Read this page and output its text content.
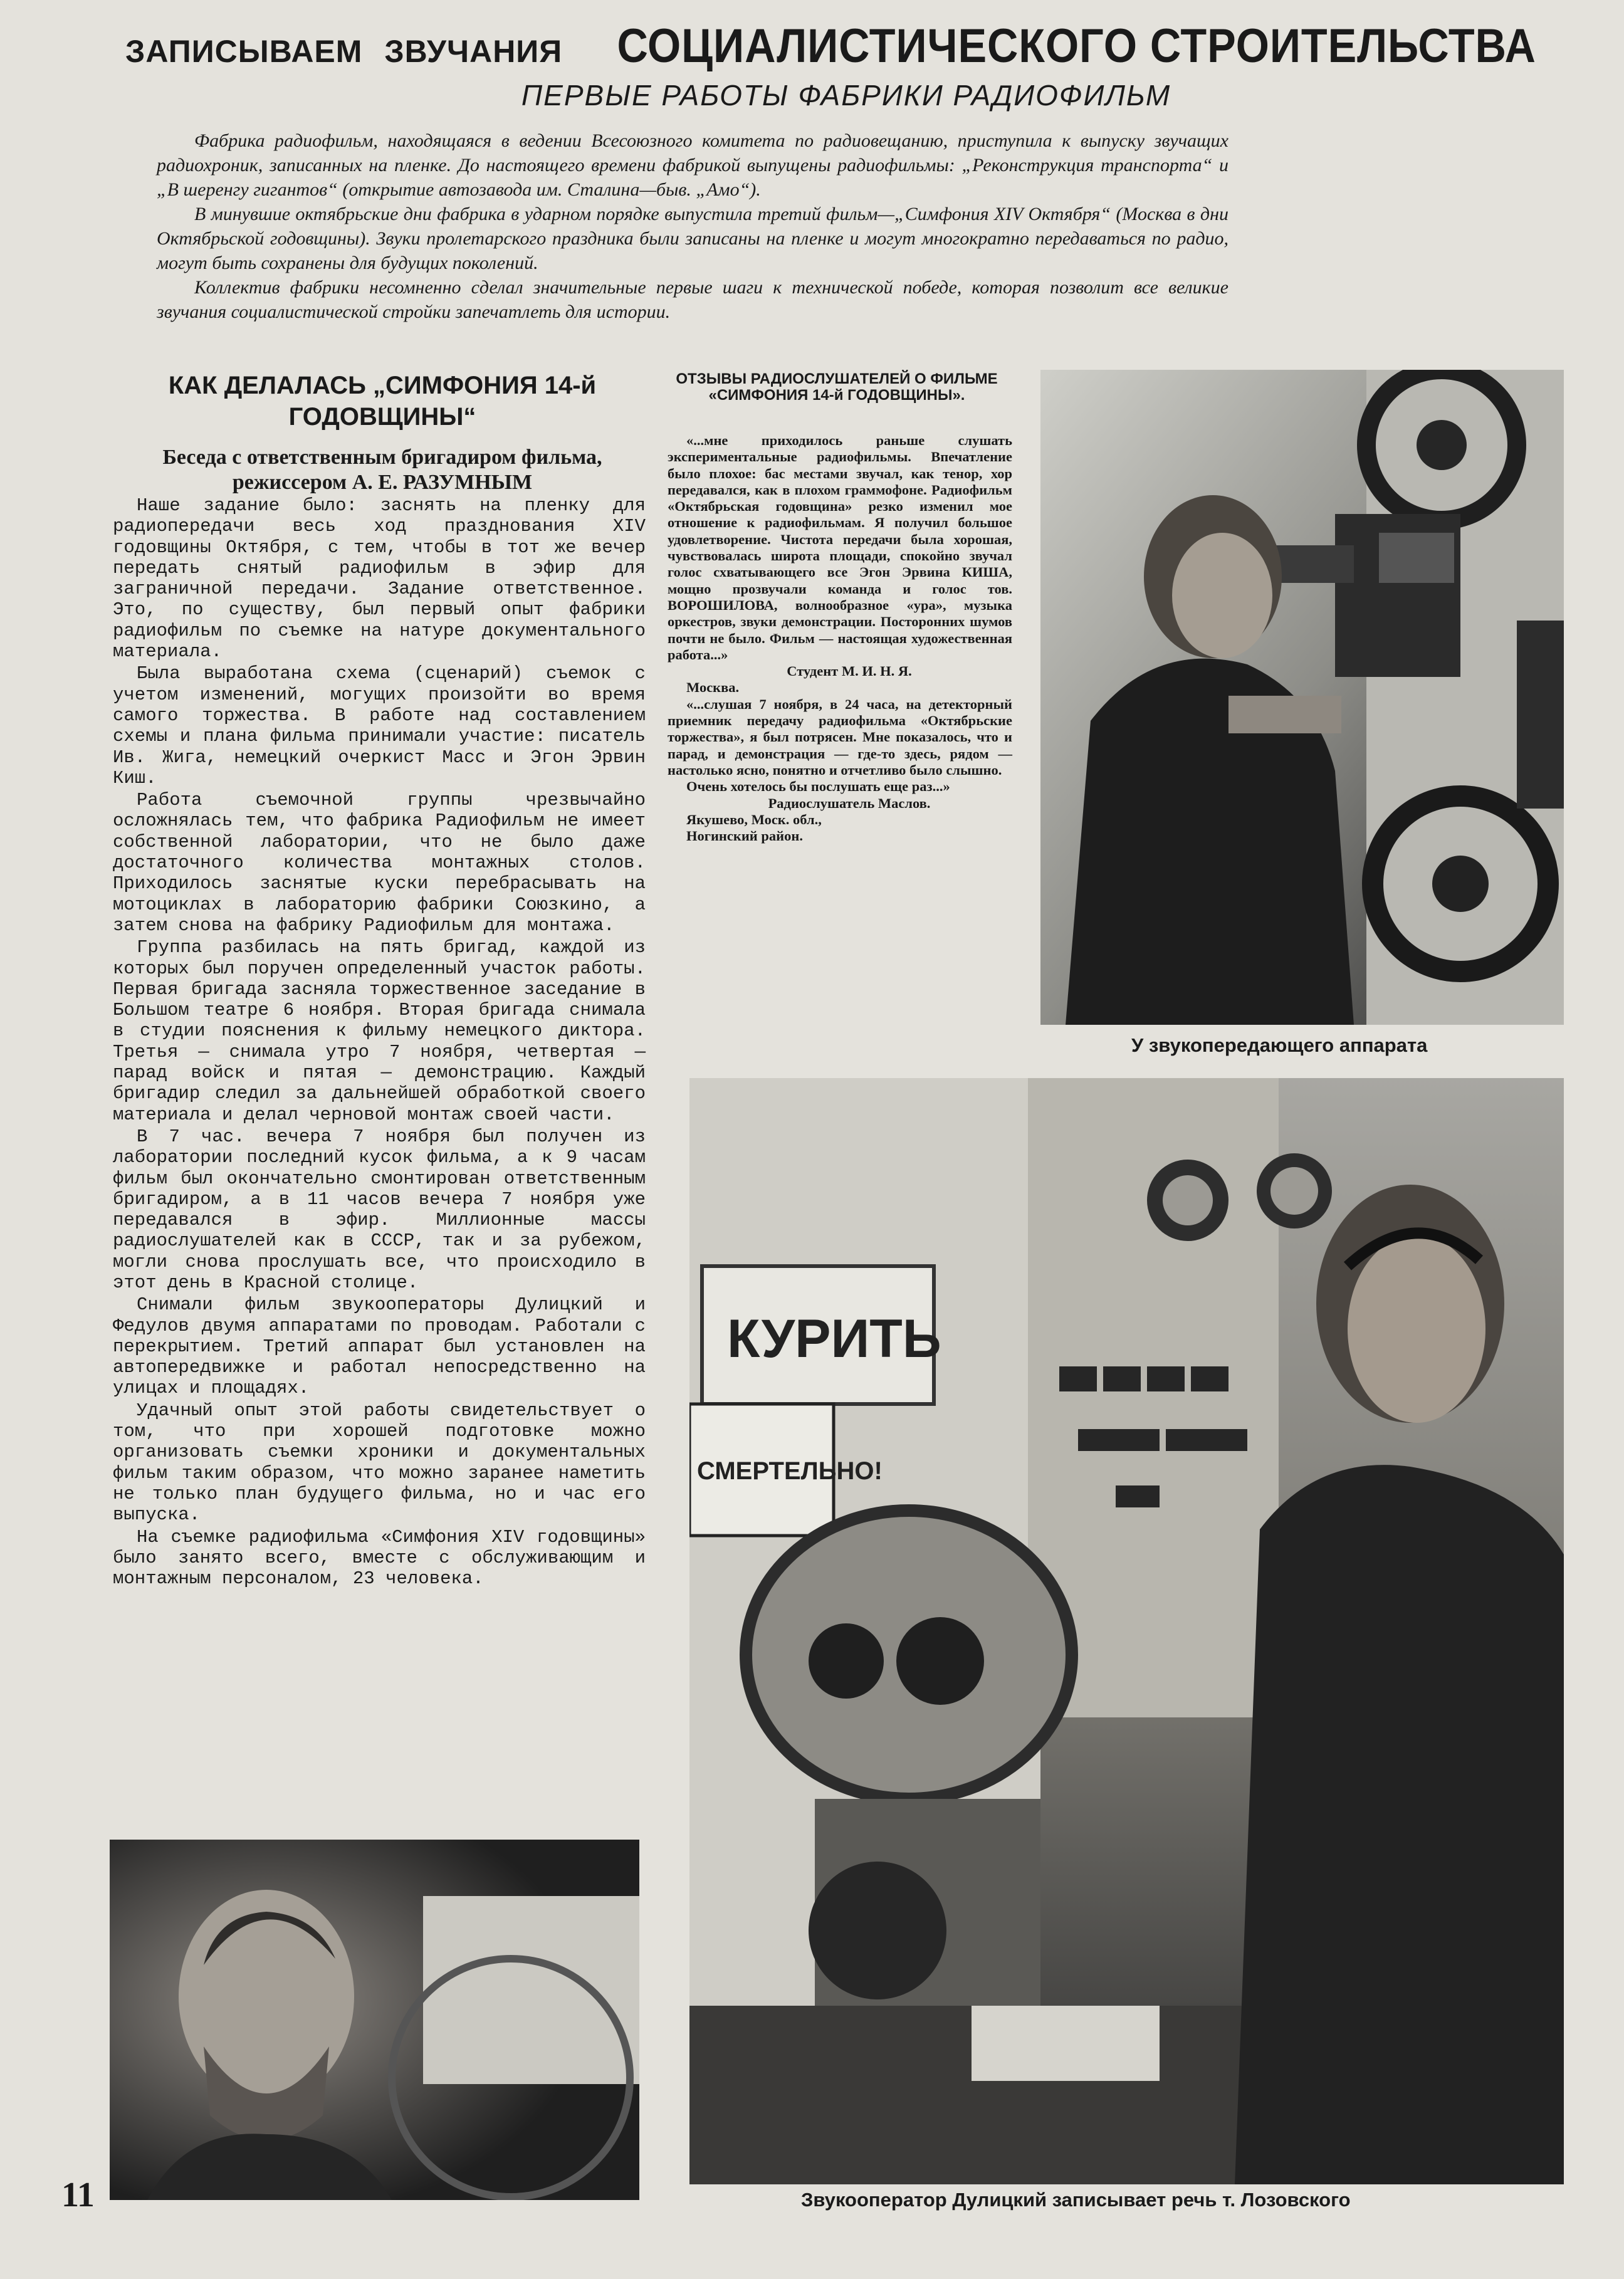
ЗАПИСЫВАЕМ ЗВУЧАНИЯ СОЦИАЛИСТИЧЕСКОГО СТРОИТЕЛЬСТВА
ПЕРВЫЕ РАБОТЫ ФАБРИКИ РАДИОФИЛЬМ

Фабрика радиофильм, находящаяся в ведении Всесоюзного комитета по радиовещанию, приступила к выпуску звучащих радиохроник, записанных на пленке. До настоящего времени фабрикой выпущены радиофильмы: „Реконструкция транспорта“ и „В шеренгу гигантов“ (открытие автозавода им. Сталина—быв. „Амо“).

В минувшие октябрьские дни фабрика в ударном порядке выпустила третий фильм—„Симфония XIV Октября“ (Москва в дни Октябрьской годовщины). Звуки пролетарского праздника были записаны на пленке и могут многократно передаваться по радио, могут быть сохранены для будущих поколений.

Коллектив фабрики несомненно сделал значительные первые шаги к технической победе, которая позволит все великие звучания социалистической стройки запечатлеть для истории.

КАК ДЕЛАЛАСЬ „СИМФОНИЯ 14-й ГОДОВЩИНЫ“
Беседа с ответственным бригадиром фильма, режиссером А. Е. РАЗУМНЫМ

Наше задание было: заснять на пленку для радиопередачи весь ход празднования XIV годовщины Октября, с тем, чтобы в тот же вечер передать снятый радиофильм в эфир для заграничной передачи. Задание ответственное. Это, по существу, был первый опыт фабрики радиофильм по съемке на натуре документального материала.

Была выработана схема (сценарий) съемок с учетом изменений, могущих произойти во время самого торжества. В работе над составлением схемы и плана фильма принимали участие: писатель Ив. Жига, немецкий очеркист Масс и Эгон Эрвин Киш.

Работа съемочной группы чрезвычайно осложнялась тем, что фабрика Радиофильм не имеет собственной лаборатории, что не было даже достаточного количества монтажных столов. Приходилось заснятые куски перебрасывать на мотоциклах в лабораторию фабрики Союзкино, а затем снова на фабрику Радиофильм для монтажа.

Группа разбилась на пять бригад, каждой из которых был поручен определенный участок работы. Первая бригада засняла торжественное заседание в Большом театре 6 ноября. Вторая бригада снимала в студии пояснения к фильму немецкого диктора. Третья — снимала утро 7 ноября, четвертая — парад войск и пятая — демонстрацию. Каждый бригадир следил за дальнейшей обработкой своего материала и делал черновой монтаж своей части.

В 7 час. вечера 7 ноября был получен из лаборатории последний кусок фильма, а к 9 часам фильм был окончательно смонтирован ответственным бригадиром, а в 11 часов вечера 7 ноября уже передавался в эфир. Миллионные массы радиослушателей как в СССР, так и за рубежом, могли снова прослушать все, что происходило в этот день в Красной столице.

Снимали фильм звукооператоры Дулицкий и Федулов двумя аппаратами по проводам. Работали с перекрытием. Третий аппарат был установлен на автопередвижке и работал непосредственно на улицах и площадях.

Удачный опыт этой работы свидетельствует о том, что при хорошей подготовке можно организовать съемки хроники и документальных фильм таким образом, что можно заранее наметить не только план будущего фильма, но и час его выпуска.

На съемке радиофильма «Симфония XIV годовщины» было занято всего, вместе с обслуживающим и монтажным персоналом, 23 человека.

ОТЗЫВЫ РАДИОСЛУШАТЕЛЕЙ О ФИЛЬМЕ «СИМФОНИЯ 14-й ГОДОВЩИНЫ».

«...мне приходилось раньше слушать экспериментальные радиофильмы. Впечатление было плохое: бас местами звучал, как тенор, хор передавался, как в плохом граммофоне. Радиофильм «Октябрьская годовщина» резко изменил мое отношение к радиофильмам. Я получил большое удовлетворение. Чистота передачи была хорошая, чувствовалась широта площади, спокойно звучал голос схватывающего все Эгон Эрвина КИША, мощно прозвучали команда и голос тов. ВОРОШИЛОВА, волнообразное «ура», музыка оркестров, звуки демонстрации. Посторонних шумов почти не было. Фильм — настоящая художественная работа...»

Студент М. И. Н. Я.

Москва.

«...слушая 7 ноября, в 24 часа, на детекторный приемник передачу радиофильма «Октябрьские торжества», я был потрясен. Мне показалось, что и парад, и демонстрация — где-то здесь, рядом — настолько ясно, понятно и отчетливо было слышно.

Очень хотелось бы послушать еще раз...»

Радиослушатель Маслов.

Якушево, Моск. обл.,

Ногинский район.

У звукопередающего аппарата
КУРИТЬ
СМЕРТЕЛЬНО!
Звукооператор Дулицкий записывает речь т. Лозовского
11
